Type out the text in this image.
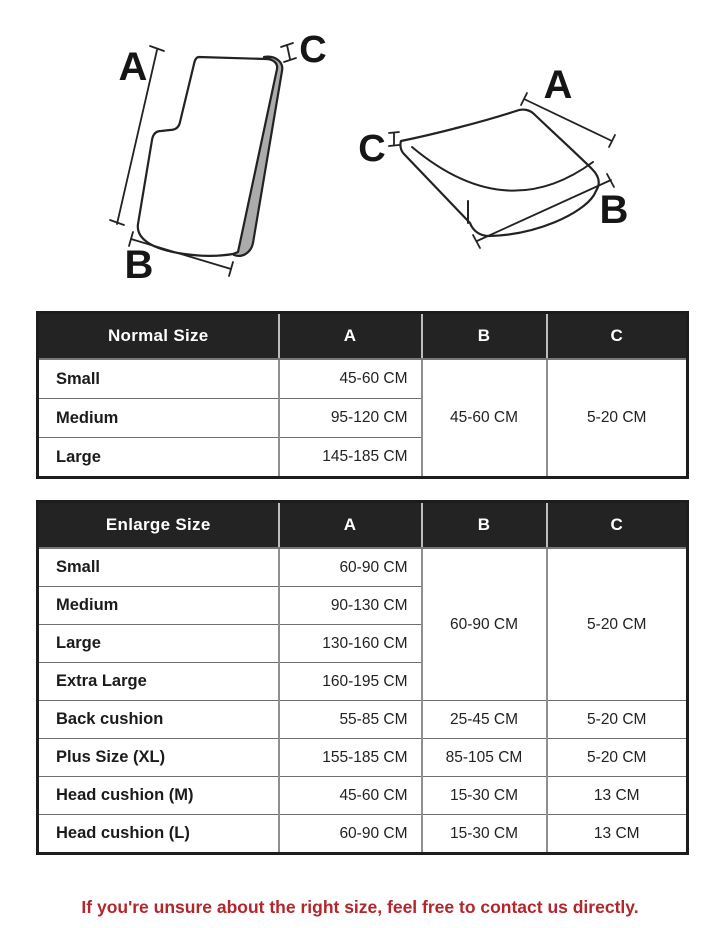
A
B
C
A
B
C
Normal Size	A	B	C
Small	45-60 CM	45-60 CM	5-20 CM
Medium	95-120 CM		
Large	145-185 CM		
Enlarge Size	A	B	C
Small	60-90 CM	60-90 CM	5-20 CM
Medium	90-130 CM		
Large	130-160 CM		
Extra Large	160-195 CM		
Back cushion	55-85 CM	25-45 CM	5-20 CM
Plus Size (XL)	155-185 CM	85-105 CM	5-20 CM
Head cushion (M)	45-60 CM	15-30 CM	13 CM
Head cushion (L)	60-90 CM	15-30 CM	13 CM

If you're unsure about the right size, feel free to contact us directly.
